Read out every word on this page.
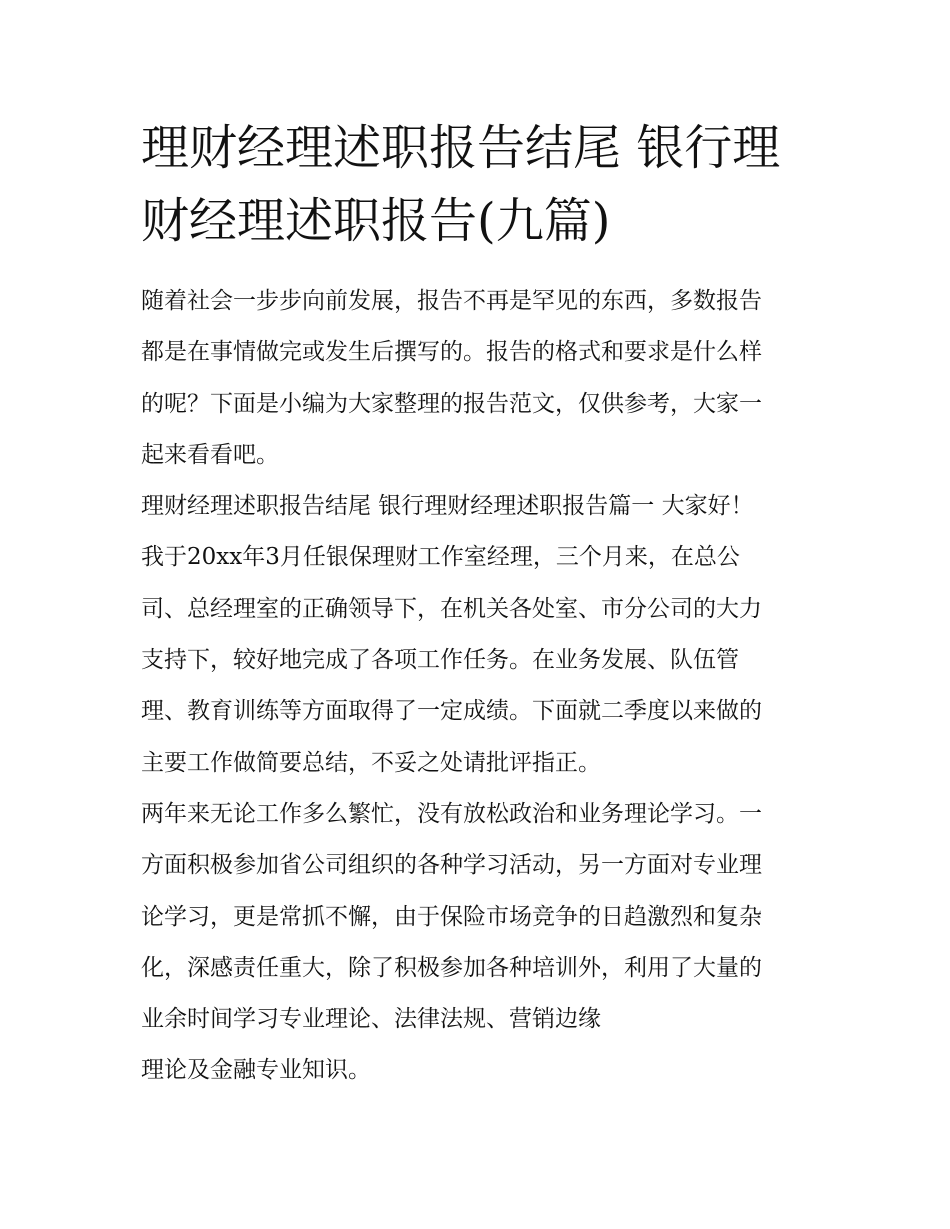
理财经理述职报告结尾 银行理
财经理述职报告(九篇)
随着社会一步步向前发展，报告不再是罕见的东西，多数报告
都是在事情做完或发生后撰写的。报告的格式和要求是什么样
的呢？下面是小编为大家整理的报告范文，仅供参考，大家一
起来看看吧。
理财经理述职报告结尾 银行理财经理述职报告篇一 大家好！
我于20xx年3月任银保理财工作室经理，三个月来，在总公
司、总经理室的正确领导下，在机关各处室、市分公司的大力
支持下，较好地完成了各项工作任务。在业务发展、队伍管
理、教育训练等方面取得了一定成绩。下面就二季度以来做的
主要工作做简要总结，不妥之处请批评指正。
两年来无论工作多么繁忙，没有放松政治和业务理论学习。一
方面积极参加省公司组织的各种学习活动，另一方面对专业理
论学习，更是常抓不懈，由于保险市场竞争的日趋激烈和复杂
化，深感责任重大，除了积极参加各种培训外，利用了大量的
业余时间学习专业理论、法律法规、营销边缘
理论及金融专业知识。
